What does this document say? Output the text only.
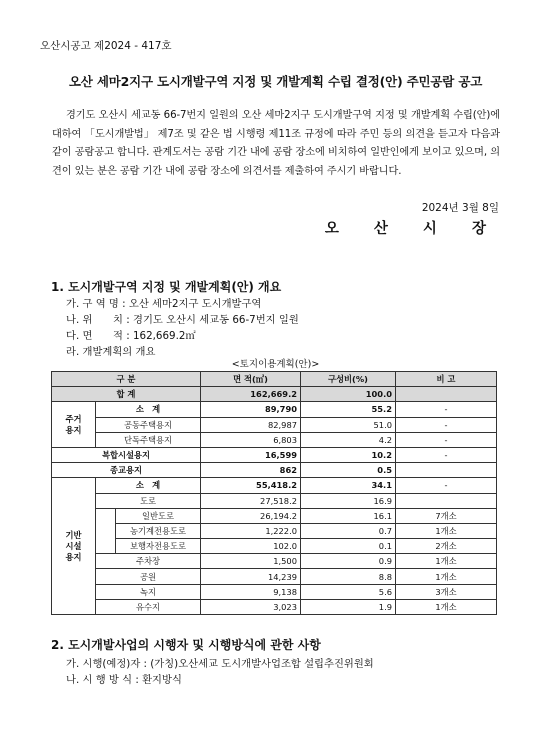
오산시공고 제2024 - 417호
오산 세마2지구 도시개발구역 지정 및 개발계획 수립 결정(안) 주민공람 공고
경기도 오산시 세교동 66-7번지 일원의 오산 세마2지구 도시개발구역 지정 및 개발계획 수립(안)에 대하여 「도시개발법」 제7조 및 같은 법 시행령 제11조 규정에 따라 주민 등의 의견을 듣고자 다음과 같이 공람공고 합니다. 관계도서는 공람 기간 내에 공람 장소에 비치하여 일반인에게 보이고 있으며, 의견이 있는 분은 공람 기간 내에 공람 장소에 의견서를 제출하여 주시기 바랍니다.
2024년 3월 8일
오 산 시 장
1. 도시개발구역 지정 및 개발계획(안) 개요
가. 구 역 명 : 오산 세마2지구 도시개발구역
나. 위　　치 : 경기도 오산시 세교동 66-7번지 일원
다. 면　　적 : 162,669.2㎡
라. 개발계획의 개요
<토지이용계획(안)>
구 분			면 적(㎡)	구성비(%)	비 고
합 계			162,669.2	100.0	
주거
용지	소　계		89,790	55.2	-
	공동주택용지		82,987	51.0	-
	단독주택용지		6,803	4.2	-
복합시설용지			16,599	10.2	-
종교용지			862	0.5	
기반
시설
용지	소　계		55,418.2	34.1	-
	도로		27,518.2	16.9	
		일반도로	26,194.2	16.1	7개소
		농기계전용도로	1,222.0	0.7	1개소
		보행자전용도로	102.0	0.1	2개소
	주차장		1,500	0.9	1개소
	공원		14,239	8.8	1개소
	녹지		9,138	5.6	3개소
	유수지		3,023	1.9	1개소
2. 도시개발사업의 시행자 및 시행방식에 관한 사항
가. 시행(예정)자 : (가칭)오산세교 도시개발사업조합 설립추진위원회
나. 시 행 방 식 : 환지방식
